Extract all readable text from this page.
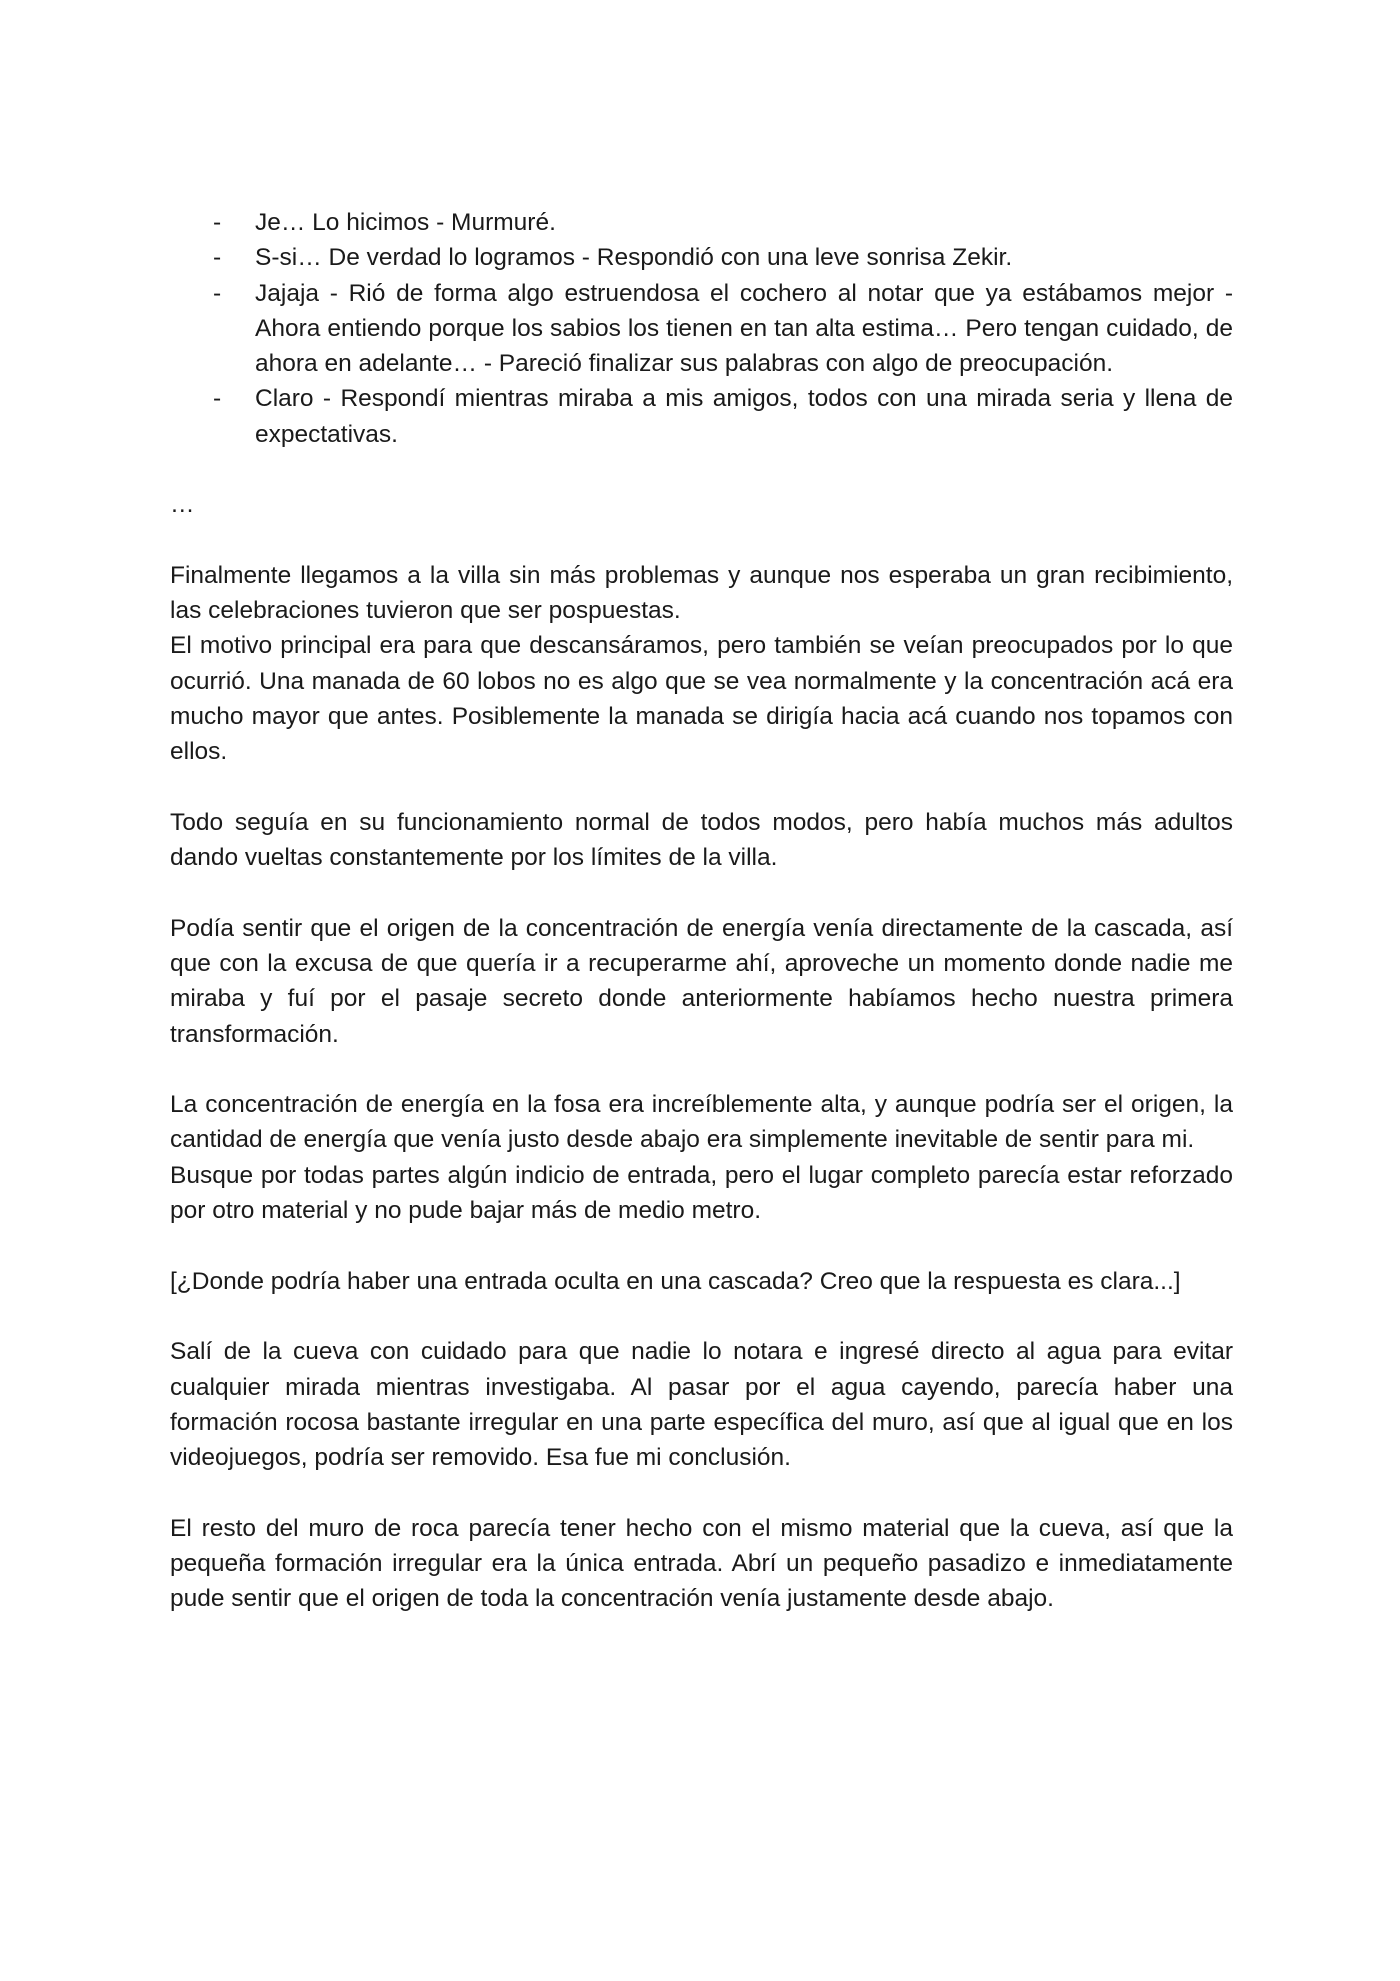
- Je… Lo hicimos - Murmuré.
- S-si… De verdad lo logramos - Respondió con una leve sonrisa Zekir.
- Jajaja - Rió de forma algo estruendosa el cochero al notar que ya estábamos mejor - Ahora entiendo porque los sabios los tienen en tan alta estima… Pero tengan cuidado, de ahora en adelante… - Pareció finalizar sus palabras con algo de preocupación.
- Claro - Respondí mientras miraba a mis amigos, todos con una mirada seria y llena de expectativas.

…

Finalmente llegamos a la villa sin más problemas y aunque nos esperaba un gran recibimiento, las celebraciones tuvieron que ser pospuestas.

El motivo principal era para que descansáramos, pero también se veían preocupados por lo que ocurrió. Una manada de 60 lobos no es algo que se vea normalmente y la concentración acá era mucho mayor que antes. Posiblemente la manada se dirigía hacia acá cuando nos topamos con ellos.

Todo seguía en su funcionamiento normal de todos modos, pero había muchos más adultos dando vueltas constantemente por los límites de la villa.

Podía sentir que el origen de la concentración de energía venía directamente de la cascada, así que con la excusa de que quería ir a recuperarme ahí, aproveche un momento donde nadie me miraba y fuí por el pasaje secreto donde anteriormente habíamos hecho nuestra primera transformación.

La concentración de energía en la fosa era increíblemente alta, y aunque podría ser el origen, la cantidad de energía que venía justo desde abajo era simplemente inevitable de sentir para mi.

Busque por todas partes algún indicio de entrada, pero el lugar completo parecía estar reforzado por otro material y no pude bajar más de medio metro.

[¿Donde podría haber una entrada oculta en una cascada? Creo que la respuesta es clara...]

Salí de la cueva con cuidado para que nadie lo notara e ingresé directo al agua para evitar cualquier mirada mientras investigaba. Al pasar por el agua cayendo, parecía haber una formación rocosa bastante irregular en una parte específica del muro, así que al igual que en los videojuegos, podría ser removido. Esa fue mi conclusión.

El resto del muro de roca parecía tener hecho con el mismo material que la cueva, así que la pequeña formación irregular era la única entrada. Abrí un pequeño pasadizo e inmediatamente pude sentir que el origen de toda la concentración venía justamente desde abajo.
